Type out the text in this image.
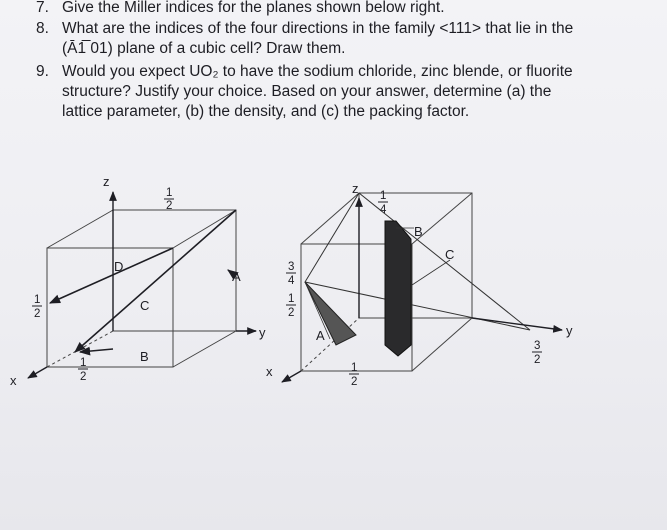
7. Give the Miller indices for the planes shown below right.
8. What are the indices of the four directions in the family <111> that lie in the
(Ā1̅ 01) plane of a cubic cell? Draw them.
9. Would you expect UO₂ to have the sodium chloride, zinc blende, or fluorite
structure? Justify your choice. Based on your answer, determine (a) the
lattice parameter, (b) the density, and (c) the packing factor.
z
y
x
D
A
C
B
1
2
1
2
1
2
z
y
x
B
C
A
1
4
3
4
1
2
1
2
3
2
